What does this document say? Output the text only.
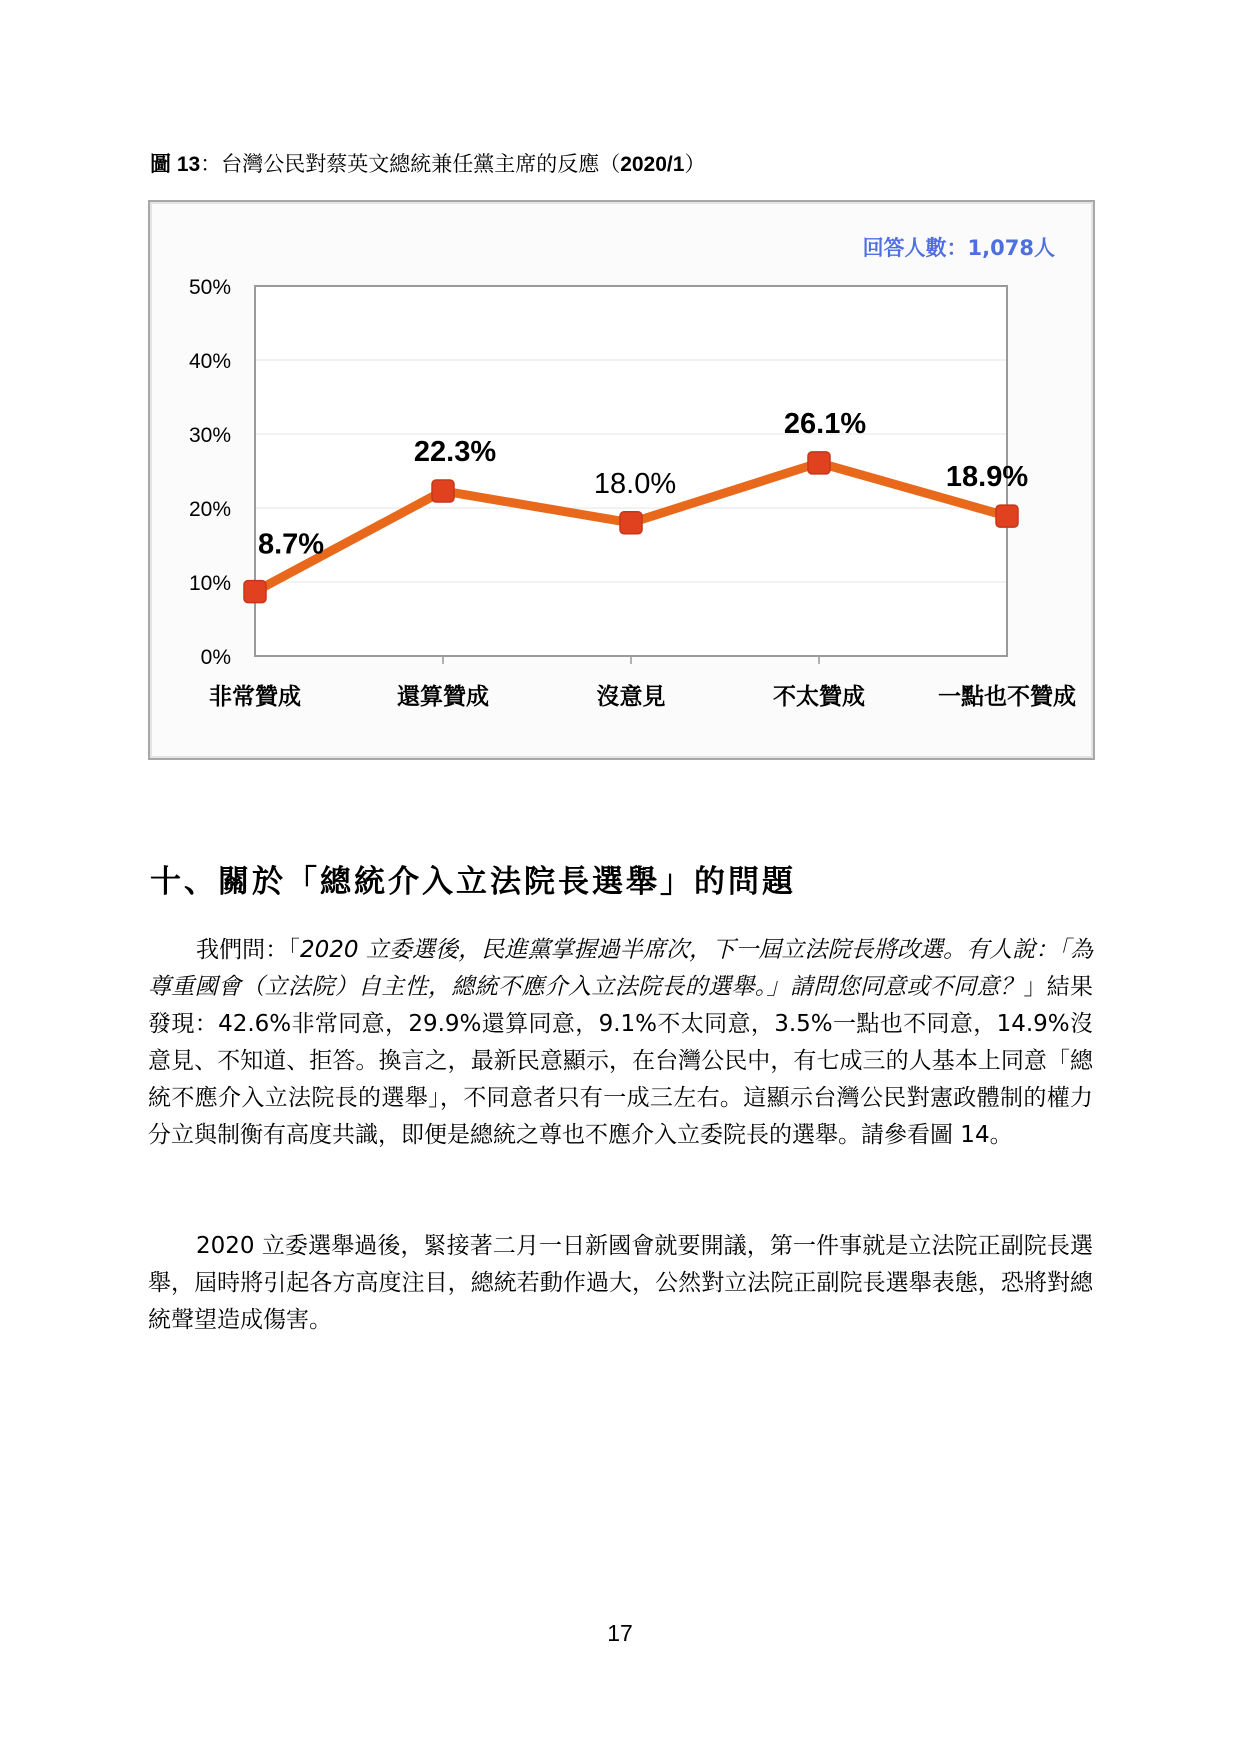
圖 13：台灣公民對蔡英文總統兼任黨主席的反應（2020/1）
0%
10%
20%
30%
40%
50%
非常贊成	還算贊成	沒意見	不太贊成	一點也不贊成
8.7%
22.3%
18.0%
26.1%
18.9%
回答人數：1,078人
十、關於「總統介入立法院長選舉」的問題
我們問：「2020 立委選後，民進黨掌握過半席次，下一屆立法院長將改選。有人說：「為尊重國會（立法院）自主性，總統不應介入立法院長的選舉。」請問您同意或不同意？」結果發現：42.6%非常同意，29.9%還算同意，9.1%不太同意，3.5%一點也不同意，14.9%沒意見、不知道、拒答。換言之，最新民意顯示，在台灣公民中，有七成三的人基本上同意「總統不應介入立法院長的選舉」，不同意者只有一成三左右。這顯示台灣公民對憲政體制的權力分立與制衡有高度共識，即便是總統之尊也不應介入立委院長的選舉。請參看圖 14。
2020 立委選舉過後，緊接著二月一日新國會就要開議，第一件事就是立法院正副院長選舉，屆時將引起各方高度注目，總統若動作過大，公然對立法院正副院長選舉表態，恐將對總統聲望造成傷害。
17
